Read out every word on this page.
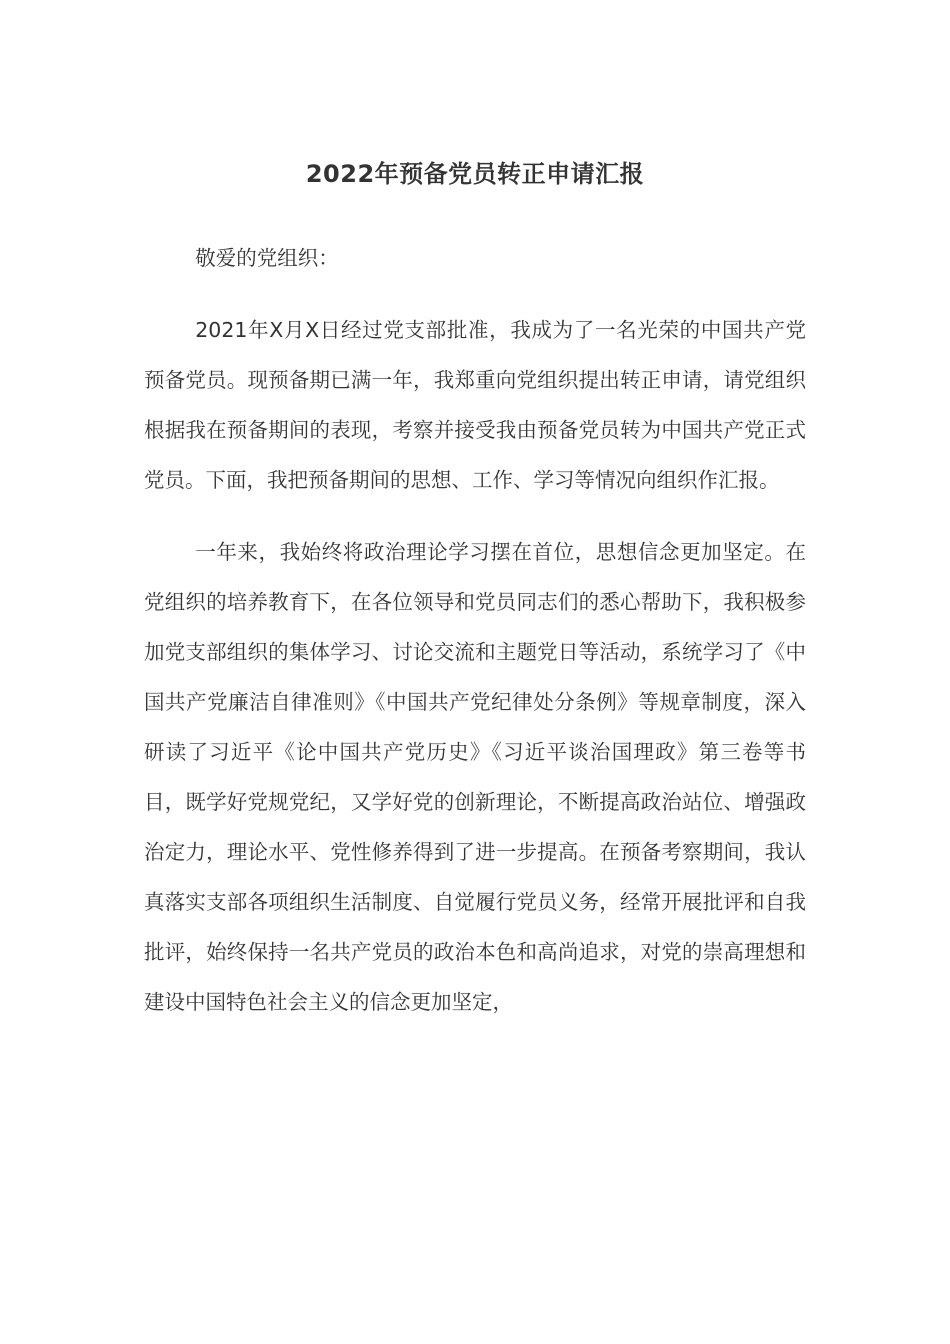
2022年预备党员转正申请汇报

敬爱的党组织：

2021年X月X日经过党支部批准，我成为了一名光荣的中国共产党预备党员。现预备期已满一年，我郑重向党组织提出转正申请，请党组织根据我在预备期间的表现，考察并接受我由预备党员转为中国共产党正式党员。下面，我把预备期间的思想、工作、学习等情况向组织作汇报。

一年来，我始终将政治理论学习摆在首位，思想信念更加坚定。在党组织的培养教育下，在各位领导和党员同志们的悉心帮助下，我积极参加党支部组织的集体学习、讨论交流和主题党日等活动，系统学习了《中国共产党廉洁自律准则》《中国共产党纪律处分条例》等规章制度，深入研读了习近平《论中国共产党历史》《习近平谈治国理政》第三卷等书目，既学好党规党纪，又学好党的创新理论，不断提高政治站位、增强政治定力，理论水平、党性修养得到了进一步提高。在预备考察期间，我认真落实支部各项组织生活制度、自觉履行党员义务，经常开展批评和自我批评，始终保持一名共产党员的政治本色和高尚追求，对党的崇高理想和建设中国特色社会主义的信念更加坚定，
